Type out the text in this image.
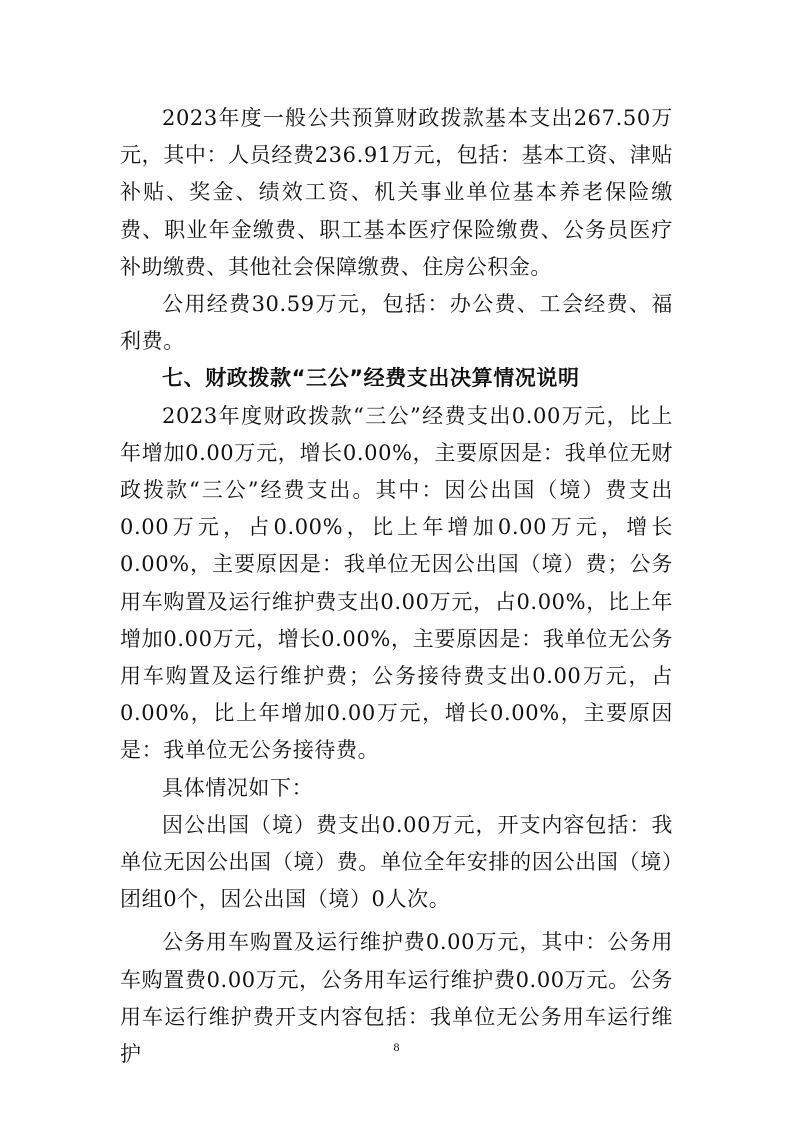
2023年度一般公共预算财政拨款基本支出267.50万元，其中：人员经费236.91万元，包括：基本工资、津贴补贴、奖金、绩效工资、机关事业单位基本养老保险缴费、职业年金缴费、职工基本医疗保险缴费、公务员医疗补助缴费、其他社会保障缴费、住房公积金。

公用经费30.59万元，包括：办公费、工会经费、福利费。

七、财政拨款“三公”经费支出决算情况说明

2023年度财政拨款“三公”经费支出0.00万元，比上年增加0.00万元，增长0.00%，主要原因是：我单位无财政拨款“三公”经费支出。其中：因公出国（境）费支出0.00万元，占0.00%，比上年增加0.00万元，增长0.00%，主要原因是：我单位无因公出国（境）费；公务用车购置及运行维护费支出0.00万元，占0.00%，比上年增加0.00万元，增长0.00%，主要原因是：我单位无公务用车购置及运行维护费；公务接待费支出0.00万元，占0.00%，比上年增加0.00万元，增长0.00%，主要原因是：我单位无公务接待费。

具体情况如下：

因公出国（境）费支出0.00万元，开支内容包括：我单位无因公出国（境）费。单位全年安排的因公出国（境）团组0个，因公出国（境）0人次。

公务用车购置及运行维护费0.00万元，其中：公务用车购置费0.00万元，公务用车运行维护费0.00万元。公务用车运行维护费开支内容包括：我单位无公务用车运行维护	8
